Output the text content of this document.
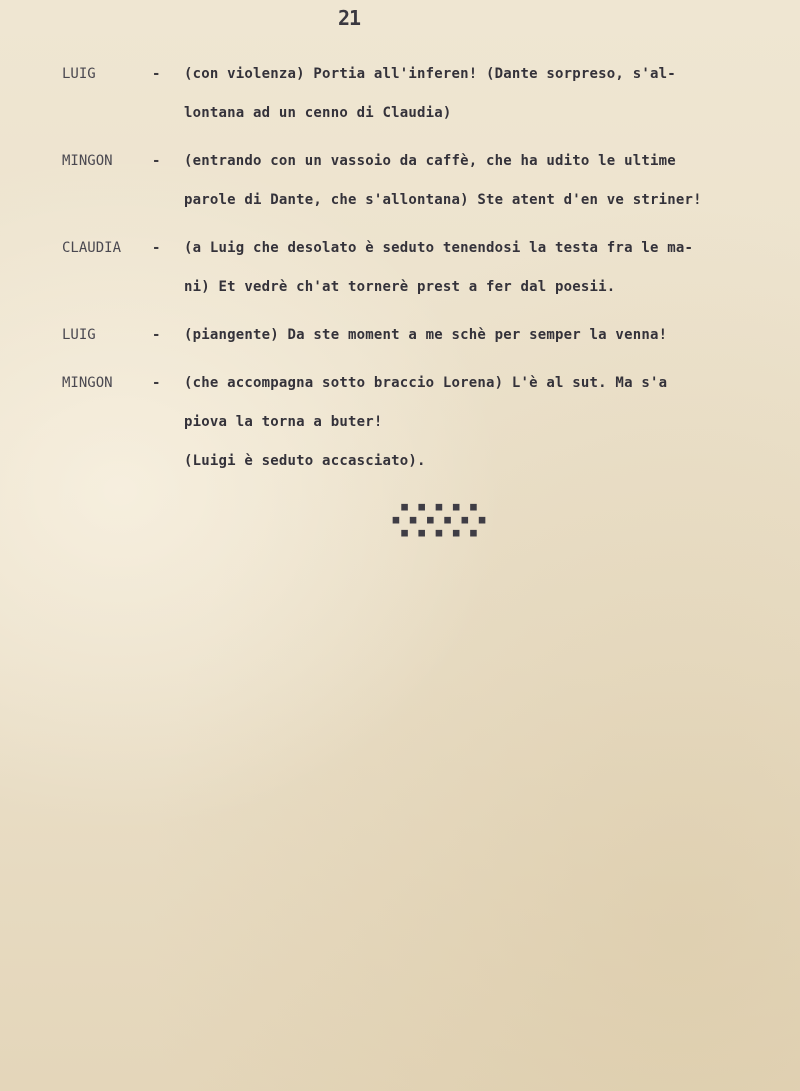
21
LUIG	-	(con violenza) Portia all'inferen! (Dante sorpreso, s'al-

lontana ad un cenno di Claudia)

MINGON	-	(entrando con un vassoio da caffè, che ha udito le ultime

parole di Dante, che s'allontana) Ste atent d'en ve striner!

CLAUDIA	-	(a Luig che desolato è seduto tenendosi la testa fra le ma-

ni) Et vedrè ch'at tornerè prest a fer dal poesii.

LUIG	-	(piangente) Da ste moment a me schè per semper la venna!

MINGON	-	(che accompagna sotto braccio Lorena) L'è al sut. Ma s'a

piova la torna a buter!

(Luigi è seduto accasciato).

■ ■ ■ ■ ■
■ ■ ■ ■ ■ ■
■ ■ ■ ■ ■
